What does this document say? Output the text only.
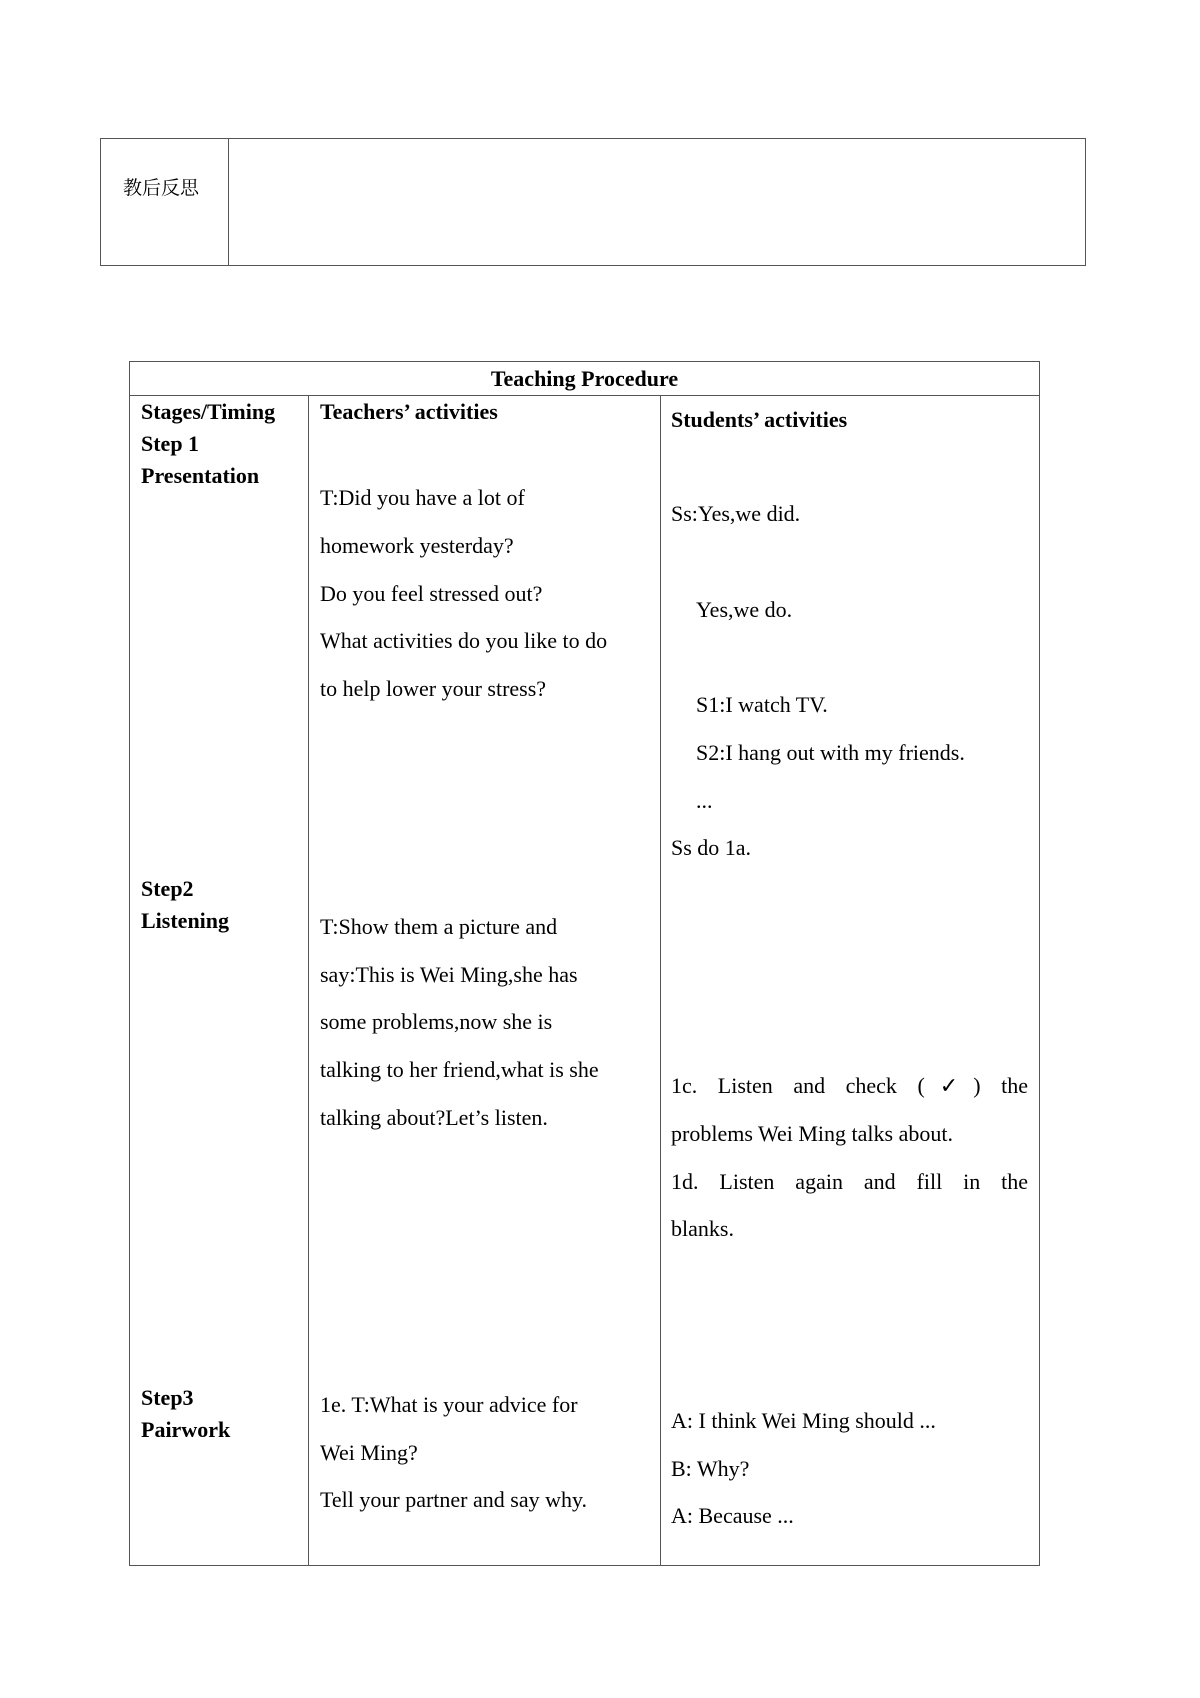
教后反思
Teaching Procedure
Stages/Timing Teachers’ activities	Students’ activities
Step 1
Presentation
T:Did you have a lot of
homework yesterday?
Do you feel stressed out?
What activities do you like to do
to help lower your stress?
Ss:Yes,we did.
Yes,we do.
S1:I watch TV.
S2:I hang out with my friends.
...
Ss do 1a.
Step2
Listening	T:Show them a picture and
say:This is Wei Ming,she has
some problems,now she is
talking to her friend,what is she
talking about?Let’s listen.
1c. Listen and check (✓) the
problems Wei Ming talks about.
1d. Listen again and fill in the
blanks.
Step3
Pairwork
1e. T:What is your advice for
Wei Ming?
Tell your partner and say why.
A: I think Wei Ming should ...
B: Why?
A: Because ...
